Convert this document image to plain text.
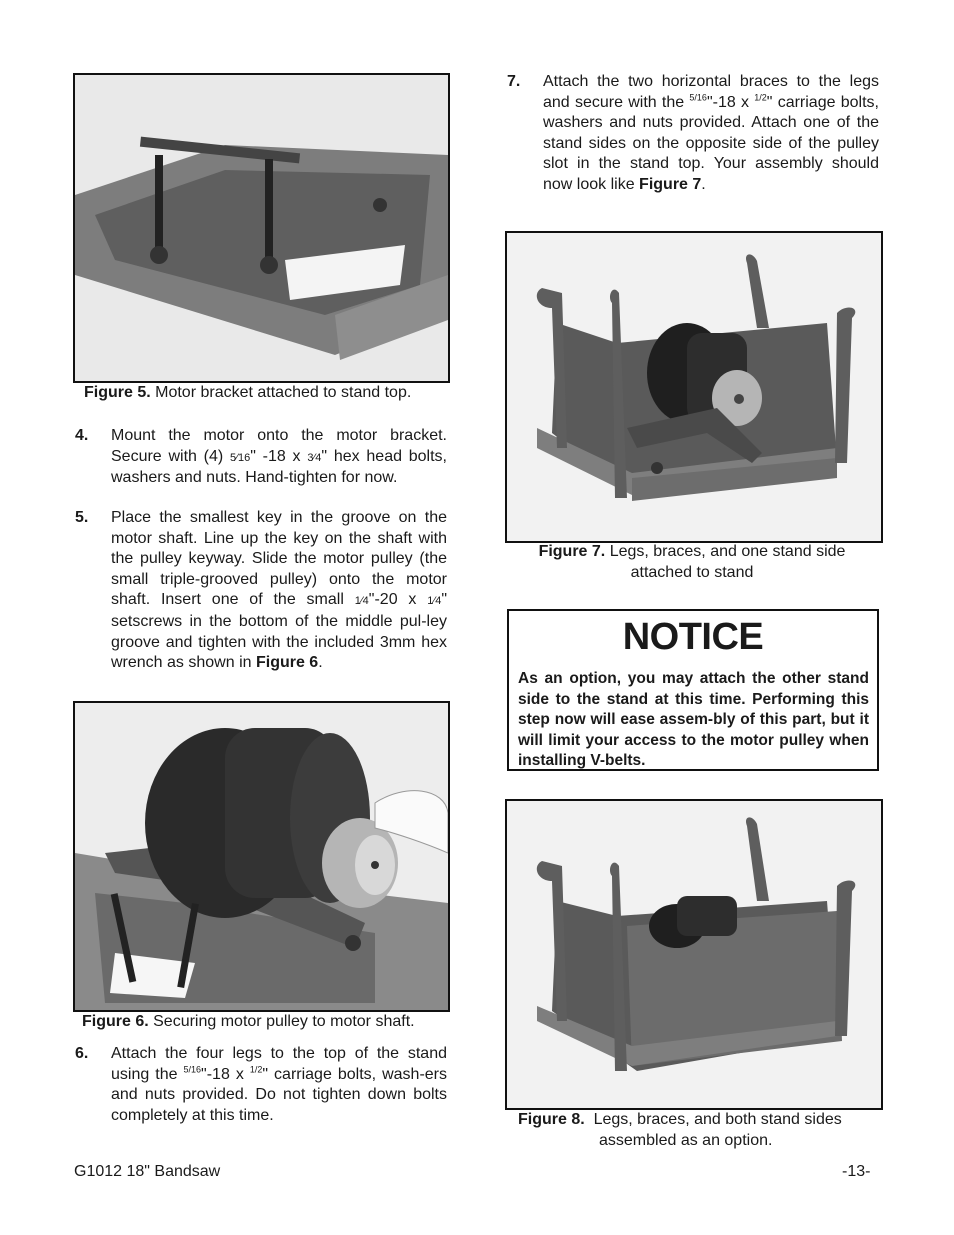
Figure 5. Motor bracket attached to stand top.
4. Mount the motor onto the motor bracket. Secure with (4) 5⁄16" -18 x 3⁄4" hex head bolts, washers and nuts. Hand-tighten for now.
5. Place the smallest key in the groove on the motor shaft. Line up the key on the shaft with the pulley keyway. Slide the motor pulley (the small triple-grooved pulley) onto the motor shaft. Insert one of the small 1⁄4"-20 x 1⁄4" setscrews in the bottom of the middle pul-ley groove and tighten with the included 3mm hex wrench as shown in Figure 6.
Figure 6. Securing motor pulley to motor shaft.
6. Attach the four legs to the top of the stand using the $^{5/16}$"-18 x $^{1/2}$" carriage bolts, wash-ers and nuts provided. Do not tighten down bolts completely at this time.
7. Attach the two horizontal braces to the legs and secure with the $^{5/16}$"-18 x $^{1/2}$" carriage bolts, washers and nuts provided. Attach one of the stand sides on the opposite side of the pulley slot in the stand top. Your assembly should now look like Figure 7.
Figure 7. Legs, braces, and one stand side
attached to stand
NOTICE

As an option, you may attach the other stand side to the stand at this time. Performing this step now will ease assem-bly of this part, but it will limit your access to the motor pulley when installing V-belts.

Figure 8.  Legs, braces, and both stand sides
assembled as an option.
G1012 18" Bandsaw	-13-
